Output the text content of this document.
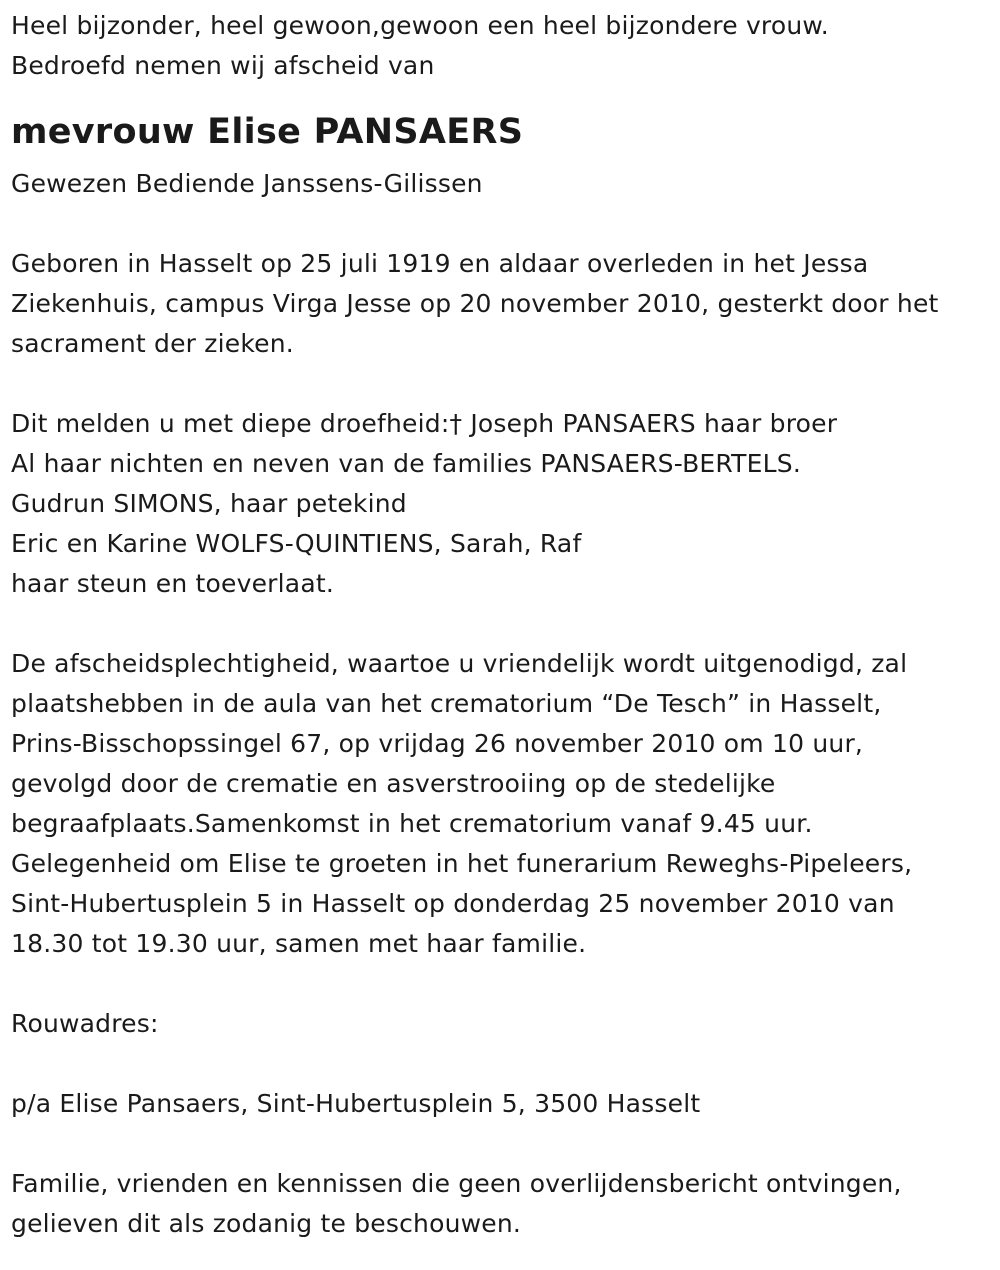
Heel bijzonder, heel gewoon,gewoon een heel bijzondere vrouw.
Bedroefd nemen wij afscheid van
mevrouw Elise PANSAERS
Gewezen Bediende Janssens-Gilissen
Geboren in Hasselt op 25 juli 1919 en aldaar overleden in het Jessa
Ziekenhuis, campus Virga Jesse op 20 november 2010, gesterkt door het
sacrament der zieken.
Dit melden u met diepe droefheid:† Joseph PANSAERS haar broer
Al haar nichten en neven van de families PANSAERS-BERTELS.
Gudrun SIMONS, haar petekind
Eric en Karine WOLFS-QUINTIENS, Sarah, Raf
haar steun en toeverlaat.
De afscheidsplechtigheid, waartoe u vriendelijk wordt uitgenodigd, zal
plaatshebben in de aula van het crematorium “De Tesch” in Hasselt,
Prins-Bisschopssingel 67, op vrijdag 26 november 2010 om 10 uur,
gevolgd door de crematie en asverstrooiing op de stedelijke
begraafplaats.Samenkomst in het crematorium vanaf 9.45 uur.
Gelegenheid om Elise te groeten in het funerarium Reweghs-Pipeleers,
Sint-Hubertusplein 5 in Hasselt op donderdag 25 november 2010 van
18.30 tot 19.30 uur, samen met haar familie.
Rouwadres:
p/a Elise Pansaers, Sint-Hubertusplein 5, 3500 Hasselt
Familie, vrienden en kennissen die geen overlijdensbericht ontvingen,
gelieven dit als zodanig te beschouwen.
